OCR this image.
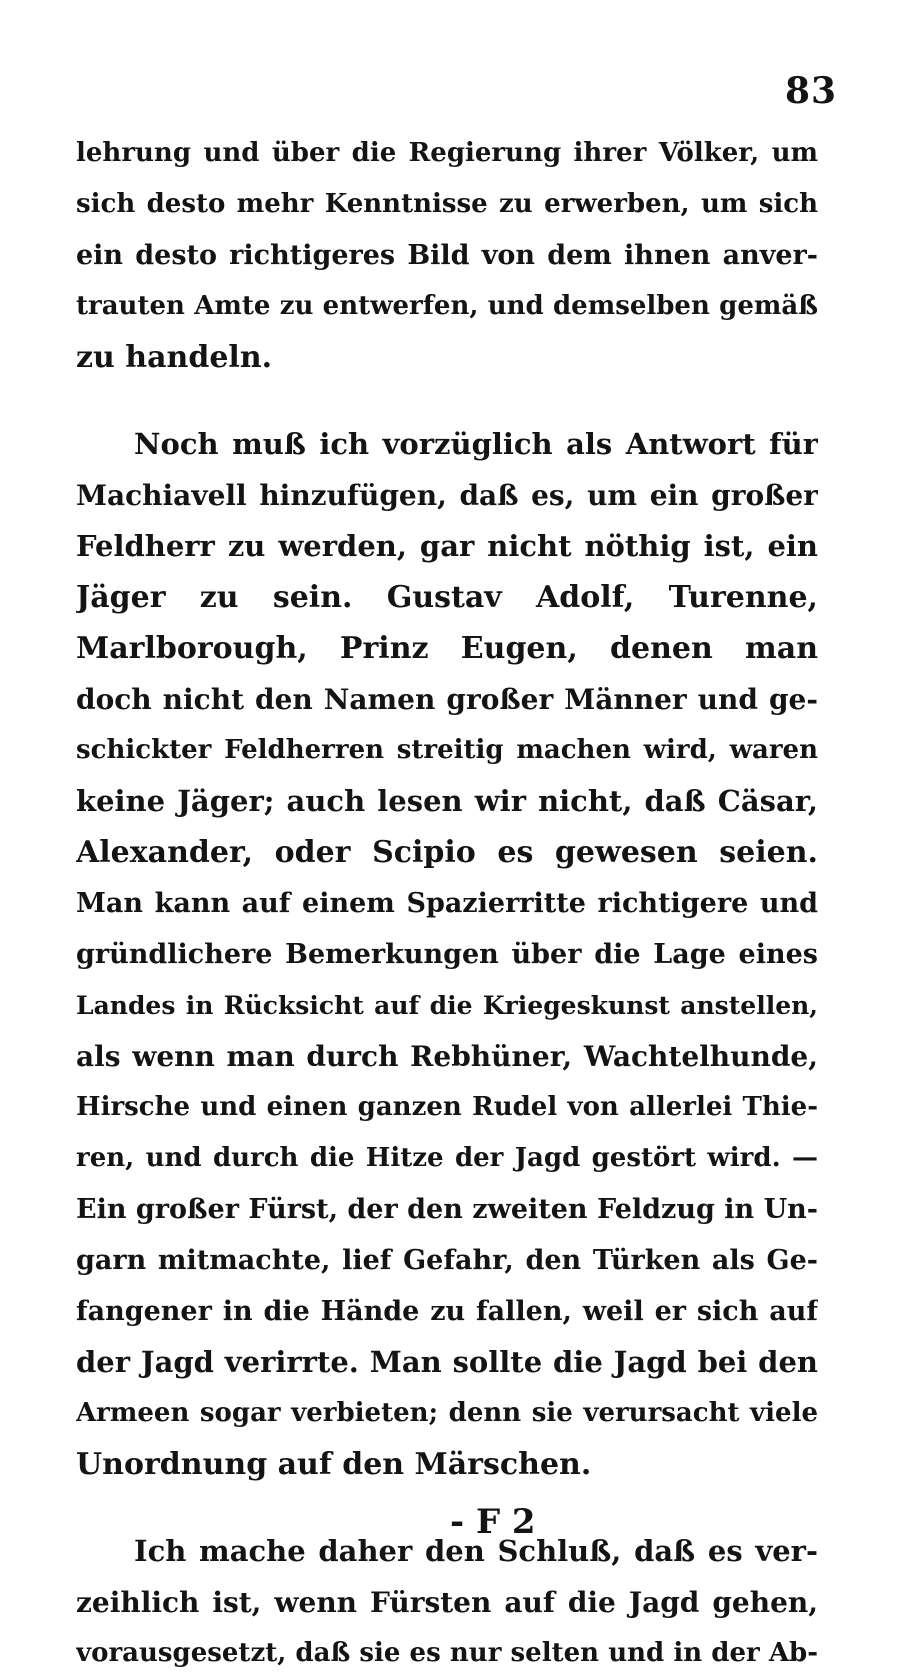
83
lehrung und über die Regierung ihrer Völker, um
sich desto mehr Kenntnisse zu erwerben, um sich
ein desto richtigeres Bild von dem ihnen anver-
trauten Amte zu entwerfen, und demselben gemäß
zu handeln.
Noch muß ich vorzüglich als Antwort für
Machiavell hinzufügen, daß es, um ein großer
Feldherr zu werden, gar nicht nöthig ist, ein
Jäger zu sein. Gustav Adolf, Turenne,
Marlborough, Prinz Eugen, denen man
doch nicht den Namen großer Männer und ge-
schickter Feldherren streitig machen wird, waren
keine Jäger; auch lesen wir nicht, daß Cäsar,
Alexander, oder Scipio es gewesen seien.
Man kann auf einem Spazierritte richtigere und
gründlichere Bemerkungen über die Lage eines
Landes in Rücksicht auf die Kriegeskunst anstellen,
als wenn man durch Rebhüner, Wachtelhunde,
Hirsche und einen ganzen Rudel von allerlei Thie-
ren, und durch die Hitze der Jagd gestört wird. —
Ein großer Fürst, der den zweiten Feldzug in Un-
garn mitmachte, lief Gefahr, den Türken als Ge-
fangener in die Hände zu fallen, weil er sich auf
der Jagd verirrte. Man sollte die Jagd bei den
Armeen sogar verbieten; denn sie verursacht viele
Unordnung auf den Märschen.
Ich mache daher den Schluß, daß es ver-
zeihlich ist, wenn Fürsten auf die Jagd gehen,
vorausgesetzt, daß sie es nur selten und in der Ab-
- F 2
